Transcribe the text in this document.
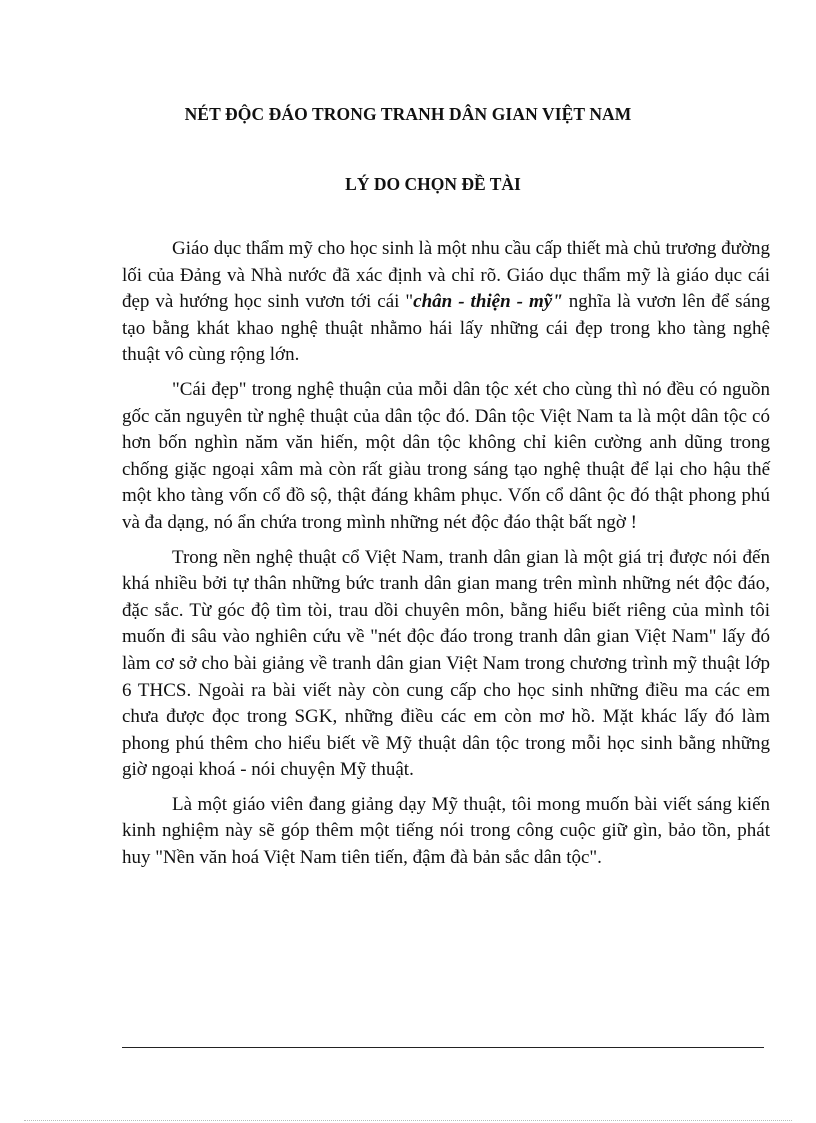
NÉT ĐỘC ĐÁO TRONG TRANH DÂN GIAN VIỆT NAM
LÝ DO CHỌN ĐỀ TÀI

Giáo dục thẩm mỹ cho học sinh là một nhu cầu cấp thiết mà chủ trương đường lối của Đảng và Nhà nước đã xác định và chỉ rõ. Giáo dục thẩm mỹ là giáo dục cái đẹp và hướng học sinh vươn tới cái "chân - thiện - mỹ" nghĩa là vươn lên để sáng tạo bằng khát khao nghệ thuật nhằmo hái lấy những cái đẹp trong kho tàng nghệ thuật vô cùng rộng lớn.

"Cái đẹp" trong nghệ thuận của mỗi dân tộc xét cho cùng thì nó đều có nguồn gốc căn nguyên từ nghệ thuật của dân tộc đó. Dân tộc Việt Nam ta là một dân tộc có hơn bốn nghìn năm văn hiến, một dân tộc không chỉ kiên cường anh dũng trong chống giặc ngoại xâm mà còn rất giàu trong sáng tạo nghệ thuật để lại cho hậu thế một kho tàng vốn cổ đồ sộ, thật đáng khâm phục. Vốn cổ dânt ộc đó thật phong phú và đa dạng, nó ẩn chứa trong mình những nét độc đáo thật bất ngờ !

Trong nền nghệ thuật cổ Việt Nam, tranh dân gian là một giá trị được nói đến khá nhiều bởi tự thân những bức tranh dân gian mang trên mình những nét độc đáo, đặc sắc. Từ góc độ tìm tòi, trau dồi chuyên môn, bằng hiểu biết riêng của mình tôi muốn đi sâu vào nghiên cứu về "nét độc đáo trong tranh dân gian Việt Nam" lấy đó làm cơ sở cho bài giảng về tranh dân gian Việt Nam trong chương trình mỹ thuật lớp 6 THCS. Ngoài ra bài viết này còn cung cấp cho học sinh những điều ma các em chưa được đọc trong SGK, những điều các em còn mơ hồ. Mặt khác lấy đó làm phong phú thêm cho hiểu biết về Mỹ thuật dân tộc trong mỗi học sinh bằng những giờ ngoại khoá - nói chuyện Mỹ thuật.

Là một giáo viên đang giảng dạy Mỹ thuật, tôi mong muốn bài viết sáng kiến kinh nghiệm này sẽ góp thêm một tiếng nói trong công cuộc giữ gìn, bảo tồn, phát huy "Nền văn hoá Việt Nam tiên tiến, đậm đà bản sắc dân tộc".
